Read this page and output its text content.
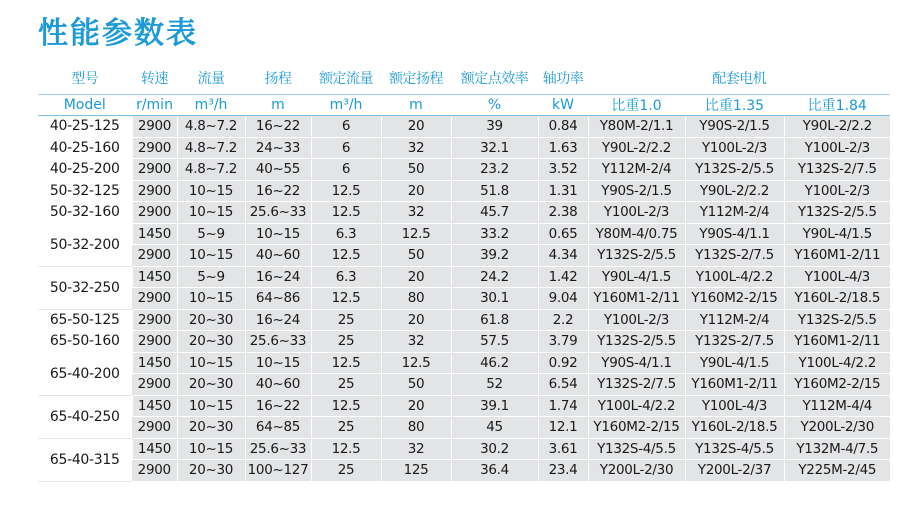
性能参数表
型号	转速	流量	扬程	额定流量	额定扬程	额定点效率	轴功率	配套电机		
Model	r/min	m³/h	m	m³/h	m	%	kW	比重1.0	比重1.35	比重1.84
40-25-125	2900	4.8~7.2	16~22	6	20	39	0.84	Y80M-2/1.1	Y90S-2/1.5	Y90L-2/2.2
40-25-160	2900	4.8~7.2	24~33	6	32	32.1	1.63	Y90L-2/2.2	Y100L-2/3	Y100L-2/3
40-25-200	2900	4.8~7.2	40~55	6	50	23.2	3.52	Y112M-2/4	Y132S-2/5.5	Y132S-2/7.5
50-32-125	2900	10~15	16~22	12.5	20	51.8	1.31	Y90S-2/1.5	Y90L-2/2.2	Y100L-2/3
50-32-160	2900	10~15	25.6~33	12.5	32	45.7	2.38	Y100L-2/3	Y112M-2/4	Y132S-2/5.5
50-32-200	1450	5~9	10~15	6.3	12.5	33.2	0.65	Y80M-4/0.75	Y90S-4/1.1	Y90L-4/1.5
	2900	10~15	40~60	12.5	50	39.2	4.34	Y132S-2/5.5	Y132S-2/7.5	Y160M1-2/11
50-32-250	1450	5~9	16~24	6.3	20	24.2	1.42	Y90L-4/1.5	Y100L-4/2.2	Y100L-4/3
	2900	10~15	64~86	12.5	80	30.1	9.04	Y160M1-2/11	Y160M2-2/15	Y160L-2/18.5
65-50-125	2900	20~30	16~24	25	20	61.8	2.2	Y100L-2/3	Y112M-2/4	Y132S-2/5.5
65-50-160	2900	20~30	25.6~33	25	32	57.5	3.79	Y132S-2/5.5	Y132S-2/7.5	Y160M1-2/11
65-40-200	1450	10~15	10~15	12.5	12.5	46.2	0.92	Y90S-4/1.1	Y90L-4/1.5	Y100L-4/2.2
	2900	20~30	40~60	25	50	52	6.54	Y132S-2/7.5	Y160M1-2/11	Y160M2-2/15
65-40-250	1450	10~15	16~22	12.5	20	39.1	1.74	Y100L-4/2.2	Y100L-4/3	Y112M-4/4
	2900	20~30	64~85	25	80	45	12.1	Y160M2-2/15	Y160L-2/18.5	Y200L-2/30
65-40-315	1450	10~15	25.6~33	12.5	32	30.2	3.61	Y132S-4/5.5	Y132S-4/5.5	Y132M-4/7.5
	2900	20~30	100~127	25	125	36.4	23.4	Y200L-2/30	Y200L-2/37	Y225M-2/45
